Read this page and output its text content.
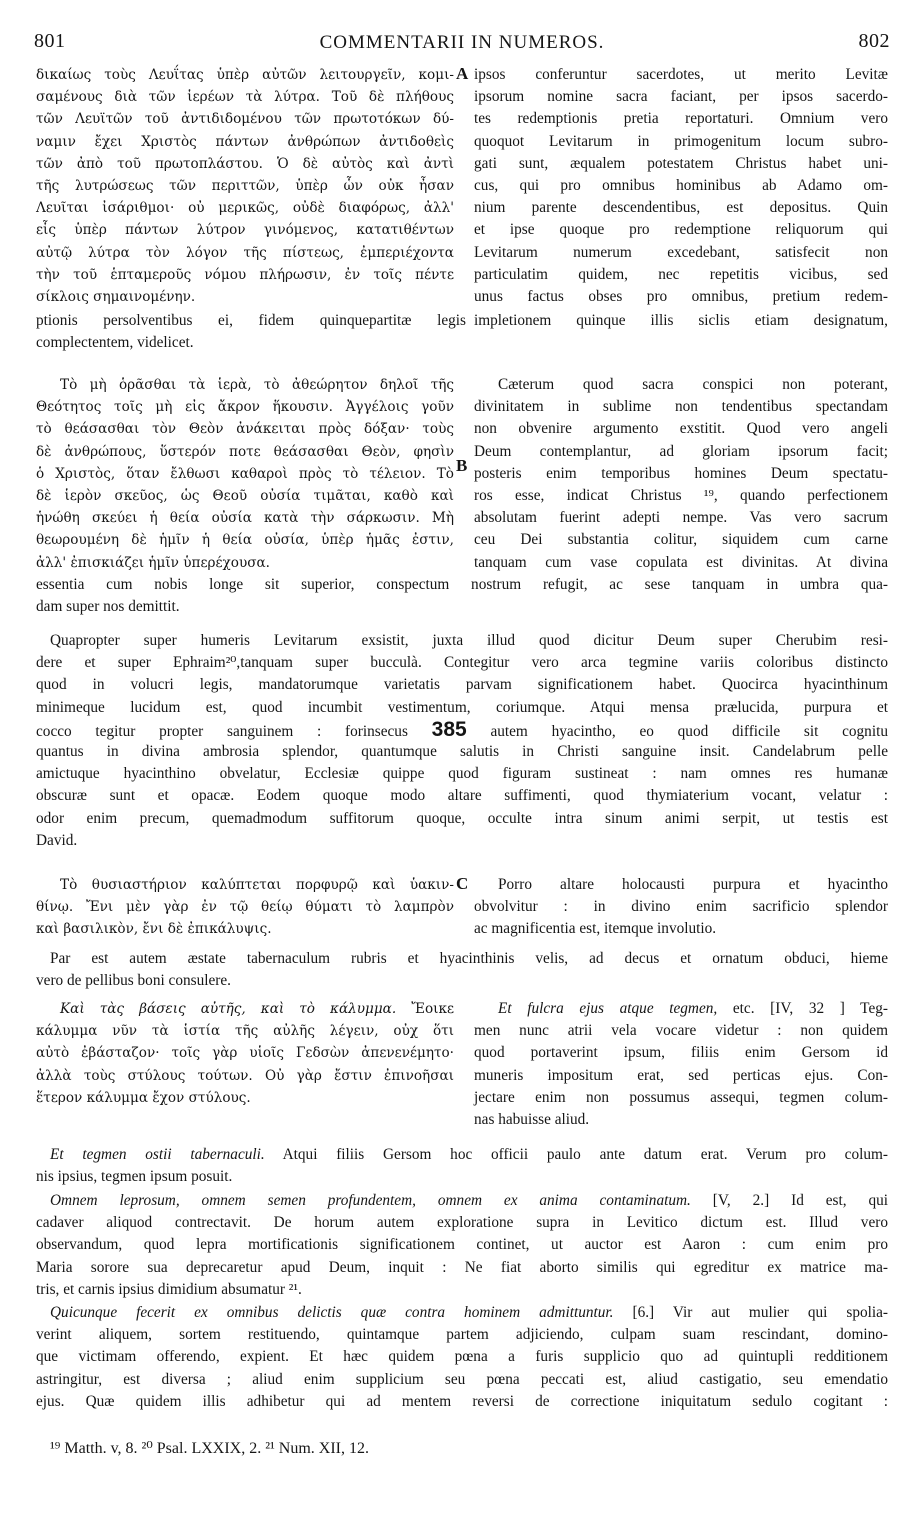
801	COMMENTARII IN NUMEROS.	802
δικαίως τοὺς Λευΐτας ὑπὲρ αὐτῶν λειτουργεῖν, κομι-
σαμένους διὰ τῶν ἱερέων τὰ λύτρα. Τοῦ δὲ πλήθους
τῶν Λευϊτῶν τοῦ ἀντιδιδομένου τῶν πρωτοτόκων δύ-
ναμιν ἔχει Χριστὸς πάντων ἀνθρώπων ἀντιδοθεὶς
τῶν ἀπὸ τοῦ πρωτοπλάστου. Ὁ δὲ αὐτὸς καὶ ἀντὶ
τῆς λυτρώσεως τῶν περιττῶν, ὑπὲρ ὧν οὐκ ἦσαν
Λευῖται ἰσάριθμοι· οὐ μερικῶς, οὐδὲ διαφόρως, ἀλλ'
εἷς ὑπὲρ πάντων λύτρον γινόμενος, κατατιθέντων
αὐτῷ λύτρα τὸν λόγον τῆς πίστεως, ἐμπεριέχοντα
τὴν τοῦ ἑπταμεροῦς νόμου πλήρωσιν, ἐν τοῖς πέντε
σίκλοις σημαινομένην.
ipsos conferuntur sacerdotes, ut merito Levitæ
ipsorum nomine sacra faciant, per ipsos sacerdo-
tes redemptionis pretia reportaturi. Omnium vero
quoquot Levitarum in primogenitum locum subro-
gati sunt, æqualem potestatem Christus habet uni-
cus, qui pro omnibus hominibus ab Adamo om-
nium parente descendentibus, est depositus. Quin
et ipse quoque pro redemptione reliquorum qui
Levitarum numerum excedebant, satisfecit non
particulatim quidem, nec repetitis vicibus, sed
unus factus obses pro omnibus, pretium redem-
A
ptionis persolventibus ei, fidem quinquepartitæ legis
complectentem, videlicet.
impletionem quinque illis siclis etiam designatum,
Τὸ μὴ ὁρᾶσθαι τὰ ἱερὰ, τὸ ἀθεώρητον δηλοῖ τῆς
Θεότητος τοῖς μὴ εἰς ἄκρον ἥκουσιν. Ἀγγέλοις γοῦν
τὸ θεάσασθαι τὸν Θεὸν ἀνάκειται πρὸς δόξαν· τοὺς
δὲ ἀνθρώπους, ὕστερόν ποτε θεάσασθαι Θεὸν, φησὶν
ὁ Χριστὸς, ὅταν ἔλθωσι καθαροὶ πρὸς τὸ τέλειον. Τὸ
δὲ ἱερὸν σκεῦος, ὡς Θεοῦ οὐσία τιμᾶται, καθὸ καὶ
ἡνώθη σκεύει ἡ θεία οὐσία κατὰ τὴν σάρκωσιν. Μὴ
θεωρουμένη δὲ ἡμῖν ἡ θεία οὐσία, ὑπὲρ ἡμᾶς ἐστιν,
ἀλλ' ἐπισκιάζει ἡμῖν ὑπερέχουσα.
Cæterum quod sacra conspici non poterant,
divinitatem in sublime non tendentibus spectandam
non obvenire argumento exstitit. Quod vero angeli
Deum contemplantur, ad gloriam ipsorum facit;
posteris enim temporibus homines Deum spectatu-
ros esse, indicat Christus ¹⁹, quando perfectionem
absolutam fuerint adepti nempe. Vas vero sacrum
ceu Dei substantia colitur, siquidem cum carne
tanquam cum vase copulata est divinitas. At divina
B
essentia cum nobis longe sit superior, conspectum nostrum refugit, ac sese tanquam in umbra qua-
dam super nos demittit.
Quapropter super humeris Levitarum exsistit, juxta illud quod dicitur Deum super Cherubim resi-
dere et super Ephraim²⁰,tanquam super bucculà. Contegitur vero arca tegmine variis coloribus distincto
quod in volucri legis, mandatorumque varietatis parvam significationem habet. Quocirca hyacinthinum
minimeque lucidum est, quod incumbit vestimentum, coriumque. Atqui mensa prælucida, purpura et
cocco tegitur propter sanguinem : forinsecus 385 autem hyacintho, eo quod difficile sit cognitu
quantus in divina ambrosia splendor, quantumque salutis in Christi sanguine insit. Candelabrum pelle
amictuque hyacinthino obvelatur, Ecclesiæ quippe quod figuram sustineat : nam omnes res humanæ
obscuræ sunt et opacæ. Eodem quoque modo altare suffimenti, quod thymiaterium vocant, velatur :
odor enim precum, quemadmodum suffitorum quoque, occulte intra sinum animi serpit, ut testis est
David.
Τὸ θυσιαστήριον καλύπτεται πορφυρῷ καὶ ὑακιν-
θίνῳ. Ἔνι μὲν γὰρ ἐν τῷ θείῳ θύματι τὸ λαμπρὸν
καὶ βασιλικὸν, ἔνι δὲ ἐπικάλυψις.
Porro altare holocausti purpura et hyacintho
obvolvitur : in divino enim sacrificio splendor
ac magnificentia est, itemque involutio.
C
Par est autem æstate tabernaculum rubris et hyacinthinis velis, ad decus et ornatum obduci, hieme
vero de pellibus boni consulere.
Καὶ τὰς βάσεις αὐτῆς, καὶ τὸ κάλυμμα. Ἔοικε
κάλυμμα νῦν τὰ ἱστία τῆς αὐλῆς λέγειν, οὐχ ὅτι
αὐτὸ ἐβάσταζον· τοῖς γὰρ υἱοῖς Γεδσὼν ἀπενενέμητο·
ἀλλὰ τοὺς στύλους τούτων. Οὐ γὰρ ἔστιν ἐπινοῆσαι
ἕτερον κάλυμμα ἔχον στύλους.
Et fulcra ejus atque tegmen, etc. [IV, 32 ] Teg-
men nunc atrii vela vocare videtur : non quidem
quod portaverint ipsum, filiis enim Gersom id
muneris impositum erat, sed perticas ejus. Con-
jectare enim non possumus assequi, tegmen colum-
nas habuisse aliud.
Et tegmen ostii tabernaculi. Atqui filiis Gersom hoc officii paulo ante datum erat. Verum pro colum-
nis ipsius, tegmen ipsum posuit.
Omnem leprosum, omnem semen profundentem, omnem ex anima contaminatum. [V, 2.] Id est, qui
cadaver aliquod contrectavit. De horum autem exploratione supra in Levitico dictum est. Illud vero
observandum, quod lepra mortificationis significationem continet, ut auctor est Aaron : cum enim pro
Maria sorore sua deprecaretur apud Deum, inquit : Ne fiat aborto similis qui egreditur ex matrice ma-
tris, et carnis ipsius dimidium absumatur ²¹.
Quicunque fecerit ex omnibus delictis quæ contra hominem admittuntur. [6.] Vir aut mulier qui spolia-
verint aliquem, sortem restituendo, quintamque partem adjiciendo, culpam suam rescindant, domino-
que victimam offerendo, expient. Et hæc quidem pœna a furis supplicio quo ad quintupli redditionem
astringitur, est diversa ; aliud enim supplicium seu pœna peccati est, aliud castigatio, seu emendatio
ejus. Quæ quidem illis adhibetur qui ad mentem reversi de correctione iniquitatum sedulo cogitant :
¹⁹ Matth. v, 8. ²⁰ Psal. LXXIX, 2. ²¹ Num. XII, 12.
